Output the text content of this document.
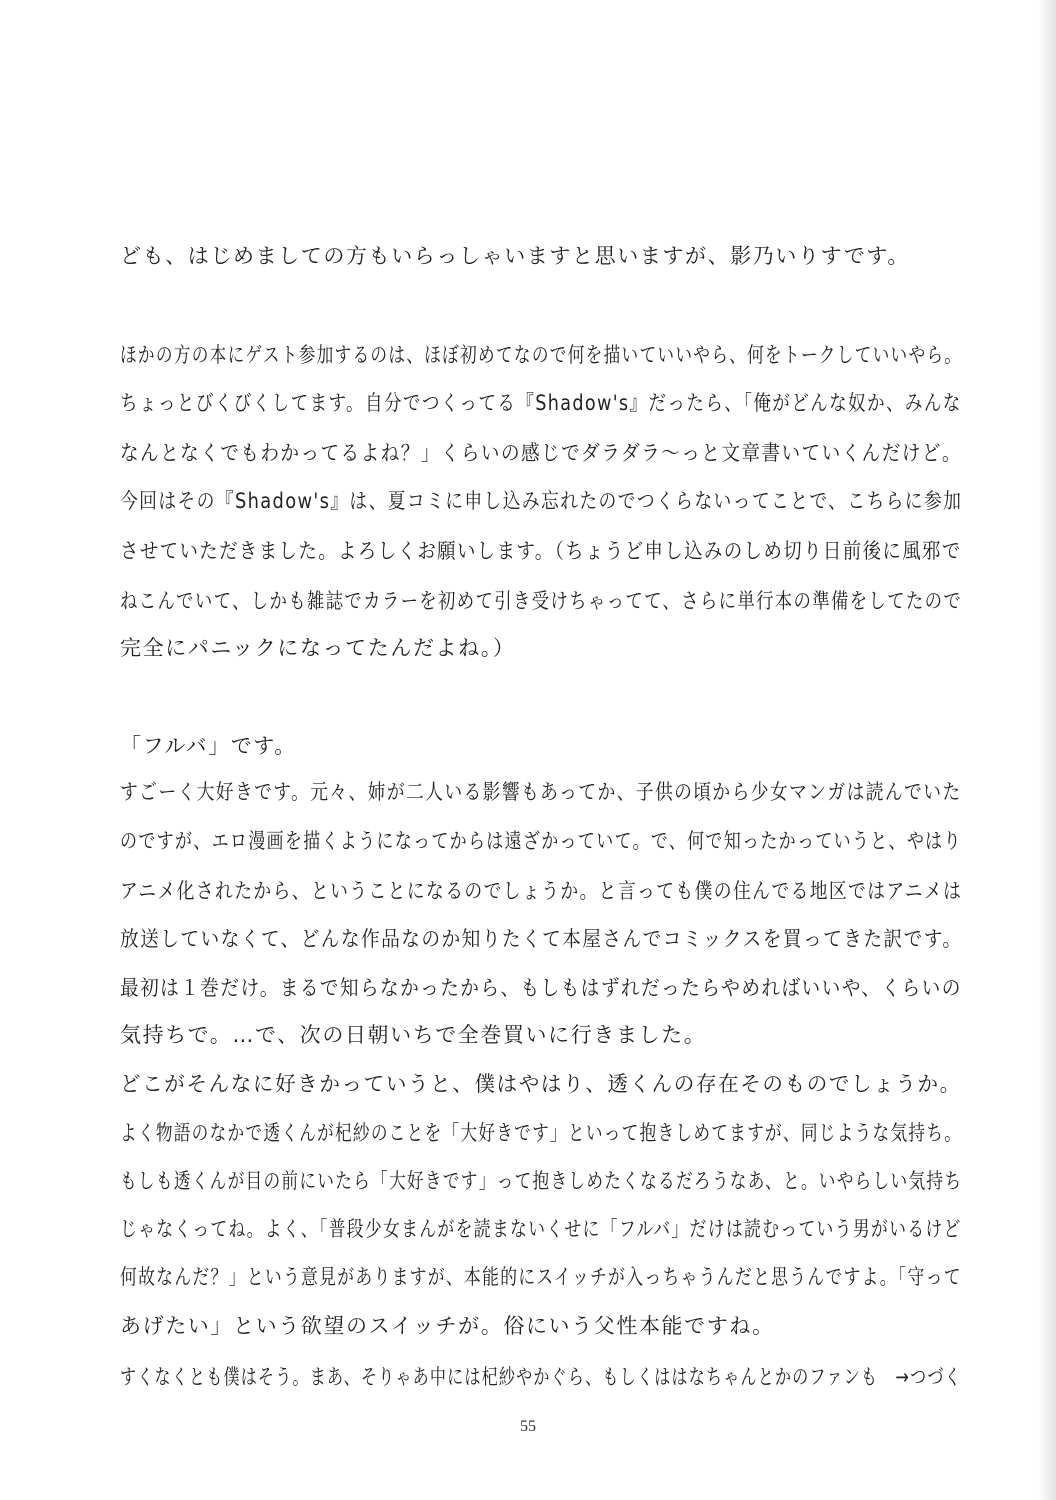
ども、はじめましての方もいらっしゃいますと思いますが、影乃いりすです。
ほかの方の本にゲスト参加するのは、ほぼ初めてなので何を描いていいやら、何をトークしていいやら。
ちょっとびくびくしてます。自分でつくってる『Shadow's』だったら、「俺がどんな奴か、みんな
なんとなくでもわかってるよね？」くらいの感じでダラダラ〜っと文章書いていくんだけど。
今回はその『Shadow's』は、夏コミに申し込み忘れたのでつくらないってことで、こちらに参加
させていただきました。よろしくお願いします。（ちょうど申し込みのしめ切り日前後に風邪で
ねこんでいて、しかも雑誌でカラーを初めて引き受けちゃってて、さらに単行本の準備をしてたので
完全にパニックになってたんだよね。）
「フルバ」です。
すごーく大好きです。元々、姉が二人いる影響もあってか、子供の頃から少女マンガは読んでいた
のですが、エロ漫画を描くようになってからは遠ざかっていて。で、何で知ったかっていうと、やはり
アニメ化されたから、ということになるのでしょうか。と言っても僕の住んでる地区ではアニメは
放送していなくて、どんな作品なのか知りたくて本屋さんでコミックスを買ってきた訳です。
最初は１巻だけ。まるで知らなかったから、もしもはずれだったらやめればいいや、くらいの
気持ちで。…で、次の日朝いちで全巻買いに行きました。
どこがそんなに好きかっていうと、僕はやはり、透くんの存在そのものでしょうか。
よく物語のなかで透くんが杞紗のことを「大好きです」といって抱きしめてますが、同じような気持ち。
もしも透くんが目の前にいたら「大好きです」って抱きしめたくなるだろうなあ、と。いやらしい気持ち
じゃなくってね。よく、「普段少女まんがを読まないくせに「フルバ」だけは読むっていう男がいるけど
何故なんだ？」という意見がありますが、本能的にスイッチが入っちゃうんだと思うんですよ。「守って
あげたい」という欲望のスイッチが。俗にいう父性本能ですね。
すくなくとも僕はそう。まあ、そりゃあ中には杞紗やかぐら、もしくははなちゃんとかのファンも　→つづく
55
